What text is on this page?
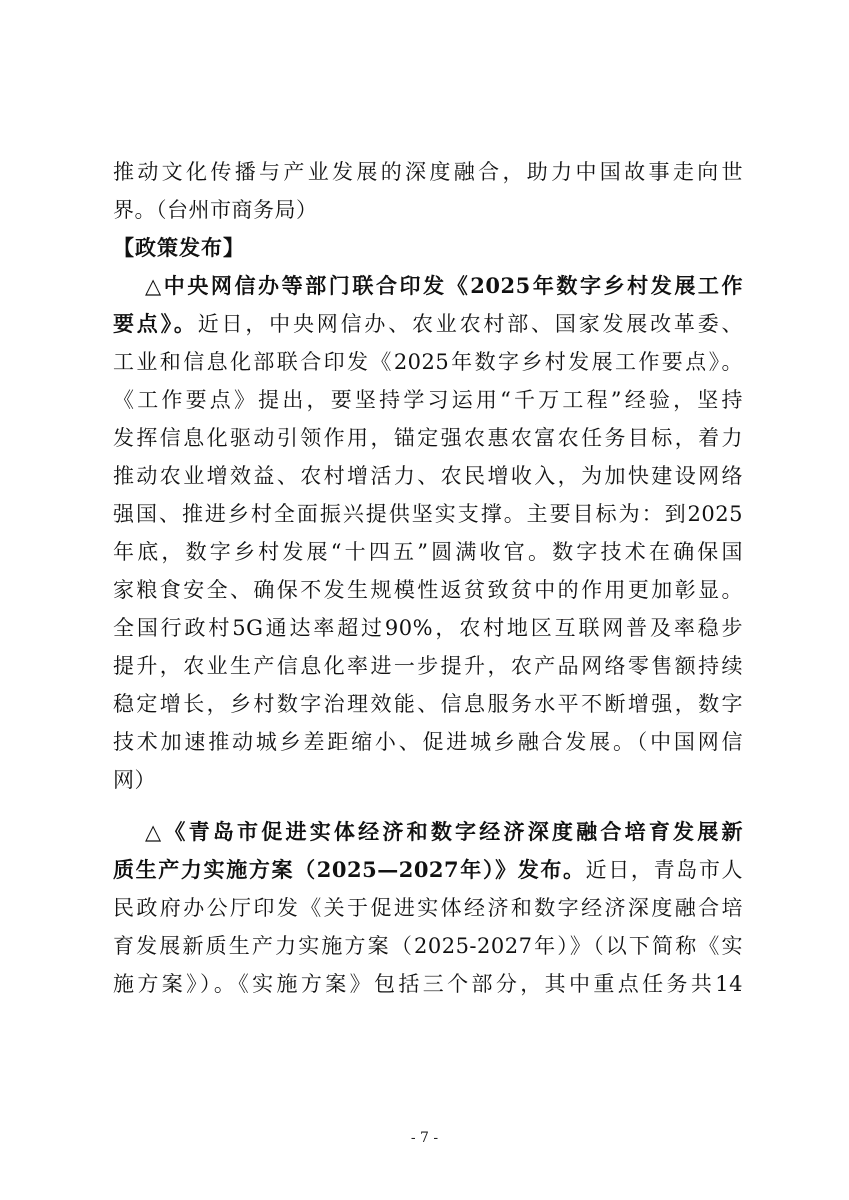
推动文化传播与产业发展的深度融合，助力中国故事走向世
界。（台州市商务局）
【政策发布】
△中央网信办等部门联合印发《2025年数字乡村发展工作
要点》。近日，中央网信办、农业农村部、国家发展改革委、
工业和信息化部联合印发《2025年数字乡村发展工作要点》。
《工作要点》提出，要坚持学习运用“千万工程”经验，坚持
发挥信息化驱动引领作用，锚定强农惠农富农任务目标，着力
推动农业增效益、农村增活力、农民增收入，为加快建设网络
强国、推进乡村全面振兴提供坚实支撑。主要目标为：到2025
年底，数字乡村发展“十四五”圆满收官。数字技术在确保国
家粮食安全、确保不发生规模性返贫致贫中的作用更加彰显。
全国行政村5G通达率超过90%，农村地区互联网普及率稳步
提升，农业生产信息化率进一步提升，农产品网络零售额持续
稳定增长，乡村数字治理效能、信息服务水平不断增强，数字
技术加速推动城乡差距缩小、促进城乡融合发展。（中国网信
网）
△《青岛市促进实体经济和数字经济深度融合培育发展新
质生产力实施方案（2025—2027年）》发布。近日，青岛市人
民政府办公厅印发《关于促进实体经济和数字经济深度融合培
育发展新质生产力实施方案（2025-2027年）》（以下简称《实
施方案》）。《实施方案》包括三个部分，其中重点任务共14
- 7 -
